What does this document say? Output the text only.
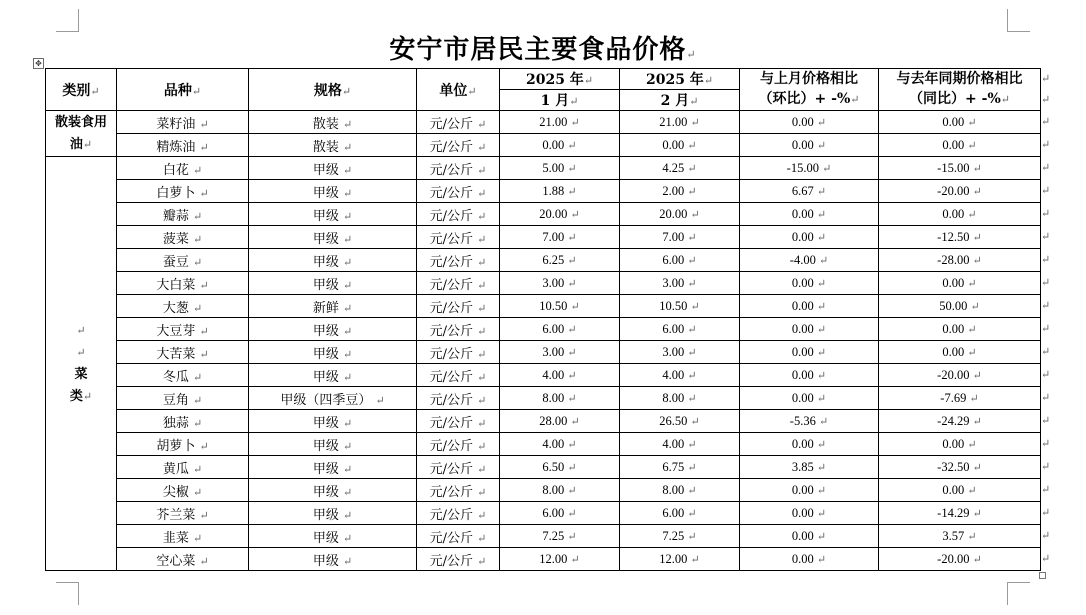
✥	安宁市居民主要食品价格↵
类别↵	品种↵	规格↵	单位↵	2025 年↵	2025 年↵	与上月价格相比
（环比）+ -%↵	与去年同期价格相比
（同比）+ -%↵
				1 月↵	2 月↵		
散装食用
油↵	菜籽油 ↵	散装 ↵	元/公斤 ↵	21.00 ↵	21.00 ↵	0.00 ↵	0.00 ↵
	精炼油 ↵	散装 ↵	元/公斤 ↵	0.00 ↵	0.00 ↵	0.00 ↵	0.00 ↵
↵
↵
菜
类↵	白花 ↵	甲级 ↵	元/公斤 ↵	5.00 ↵	4.25 ↵	-15.00 ↵	-15.00 ↵
	白萝卜 ↵	甲级 ↵	元/公斤 ↵	1.88 ↵	2.00 ↵	6.67 ↵	-20.00 ↵
	瓣蒜 ↵	甲级 ↵	元/公斤 ↵	20.00 ↵	20.00 ↵	0.00 ↵	0.00 ↵
	菠菜 ↵	甲级 ↵	元/公斤 ↵	7.00 ↵	7.00 ↵	0.00 ↵	-12.50 ↵
	蚕豆 ↵	甲级 ↵	元/公斤 ↵	6.25 ↵	6.00 ↵	-4.00 ↵	-28.00 ↵
	大白菜 ↵	甲级 ↵	元/公斤 ↵	3.00 ↵	3.00 ↵	0.00 ↵	0.00 ↵
	大葱 ↵	新鲜 ↵	元/公斤 ↵	10.50 ↵	10.50 ↵	0.00 ↵	50.00 ↵
	大豆芽 ↵	甲级 ↵	元/公斤 ↵	6.00 ↵	6.00 ↵	0.00 ↵	0.00 ↵
	大苦菜 ↵	甲级 ↵	元/公斤 ↵	3.00 ↵	3.00 ↵	0.00 ↵	0.00 ↵
	冬瓜 ↵	甲级 ↵	元/公斤 ↵	4.00 ↵	4.00 ↵	0.00 ↵	-20.00 ↵
	豆角 ↵	甲级（四季豆） ↵	元/公斤 ↵	8.00 ↵	8.00 ↵	0.00 ↵	-7.69 ↵
	独蒜 ↵	甲级 ↵	元/公斤 ↵	28.00 ↵	26.50 ↵	-5.36 ↵	-24.29 ↵
	胡萝卜 ↵	甲级 ↵	元/公斤 ↵	4.00 ↵	4.00 ↵	0.00 ↵	0.00 ↵
	黄瓜 ↵	甲级 ↵	元/公斤 ↵	6.50 ↵	6.75 ↵	3.85 ↵	-32.50 ↵
	尖椒 ↵	甲级 ↵	元/公斤 ↵	8.00 ↵	8.00 ↵	0.00 ↵	0.00 ↵
	芥兰菜 ↵	甲级 ↵	元/公斤 ↵	6.00 ↵	6.00 ↵	0.00 ↵	-14.29 ↵
	韭菜 ↵	甲级 ↵	元/公斤 ↵	7.25 ↵	7.25 ↵	0.00 ↵	3.57 ↵
	空心菜 ↵	甲级 ↵	元/公斤 ↵	12.00 ↵	12.00 ↵	0.00 ↵	-20.00 ↵
↵
↵
↵
↵
↵
↵
↵
↵
↵
↵
↵
↵
↵
↵
↵
↵
↵
↵
↵
↵
↵
↵
